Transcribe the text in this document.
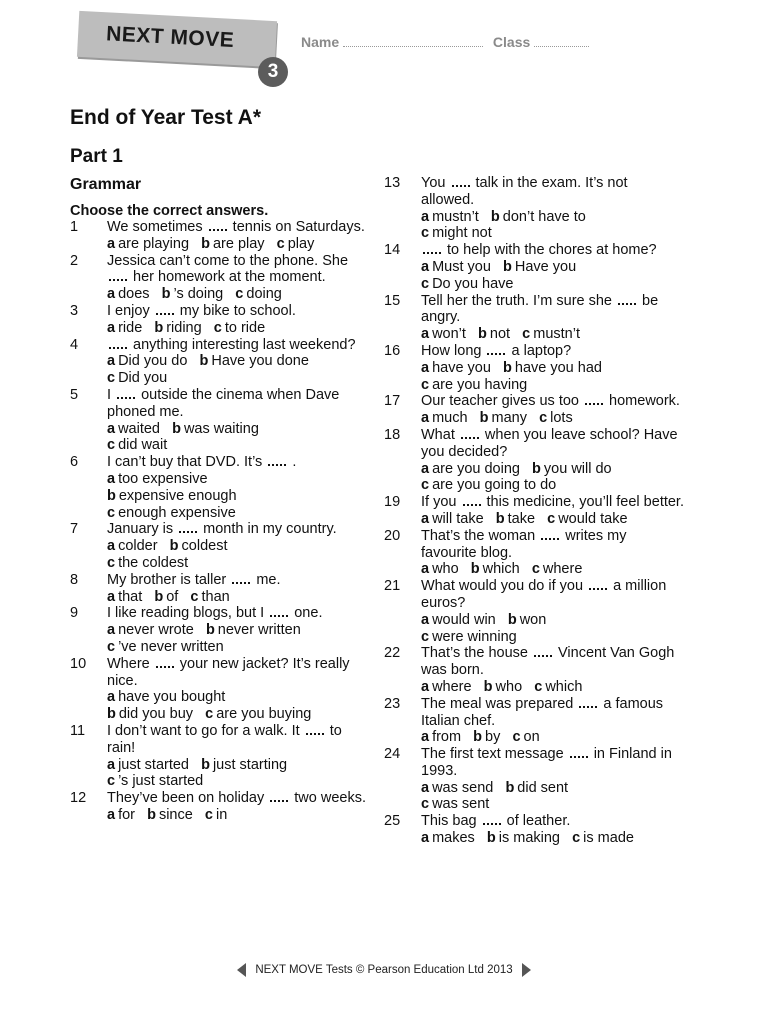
NEXT MOVE
3
Name	Class
End of Year Test A*
Part 1
Grammar
Choose the correct answers.
1	We sometimes  tennis on Saturdays.
a are playing b are play c play
2	Jessica can’t come to the phone. She  her homework at the moment.
a does b ’s doing c doing
3	I enjoy  my bike to school.
a ride b riding c to ride
4	anything interesting last weekend?
a Did you do b Have you done
c Did you
5	I  outside the cinema when Dave phoned me.
a waited b was waiting
c did wait
6	I can’t buy that DVD. It’s  .
a too expensive
b expensive enough
c enough expensive
7	January is  month in my country.
a colder b coldest
c the coldest
8	My brother is taller  me.
a that b of c than
9	I like reading blogs, but I  one.
a never wrote b never written
c ’ve never written
10	Where  your new jacket? It’s really nice.
a have you bought
b did you buy c are you buying
11	I don’t want to go for a walk. It  to rain!
a just started b just starting
c ’s just started
12	They’ve been on holiday  two weeks.
a for b since c in
13	You  talk in the exam. It’s not allowed.
a mustn’t b don’t have to
c might not
14	to help with the chores at home?
a Must you b Have you
c Do you have
15	Tell her the truth. I’m sure she  be angry.
a won’t b not c mustn’t
16	How long  a laptop?
a have you b have you had
c are you having
17	Our teacher gives us too  homework.
a much b many c lots
18	What  when you leave school? Have you decided?
a are you doing b you will do
c are you going to do
19	If you  this medicine, you’ll feel better.
a will take b take c would take
20	That’s the woman  writes my favourite blog.
a who b which c where
21	What would you do if you  a million euros?
a would win b won
c were winning
22	That’s the house  Vincent Van Gogh was born.
a where b who c which
23	The meal was prepared  a famous Italian chef.
a from b by c on
24	The first text message  in Finland in 1993.
a was send b did sent
c was sent
25	This bag  of leather.
a makes b is making c is made
NEXT MOVE Tests © Pearson Education Ltd 2013
